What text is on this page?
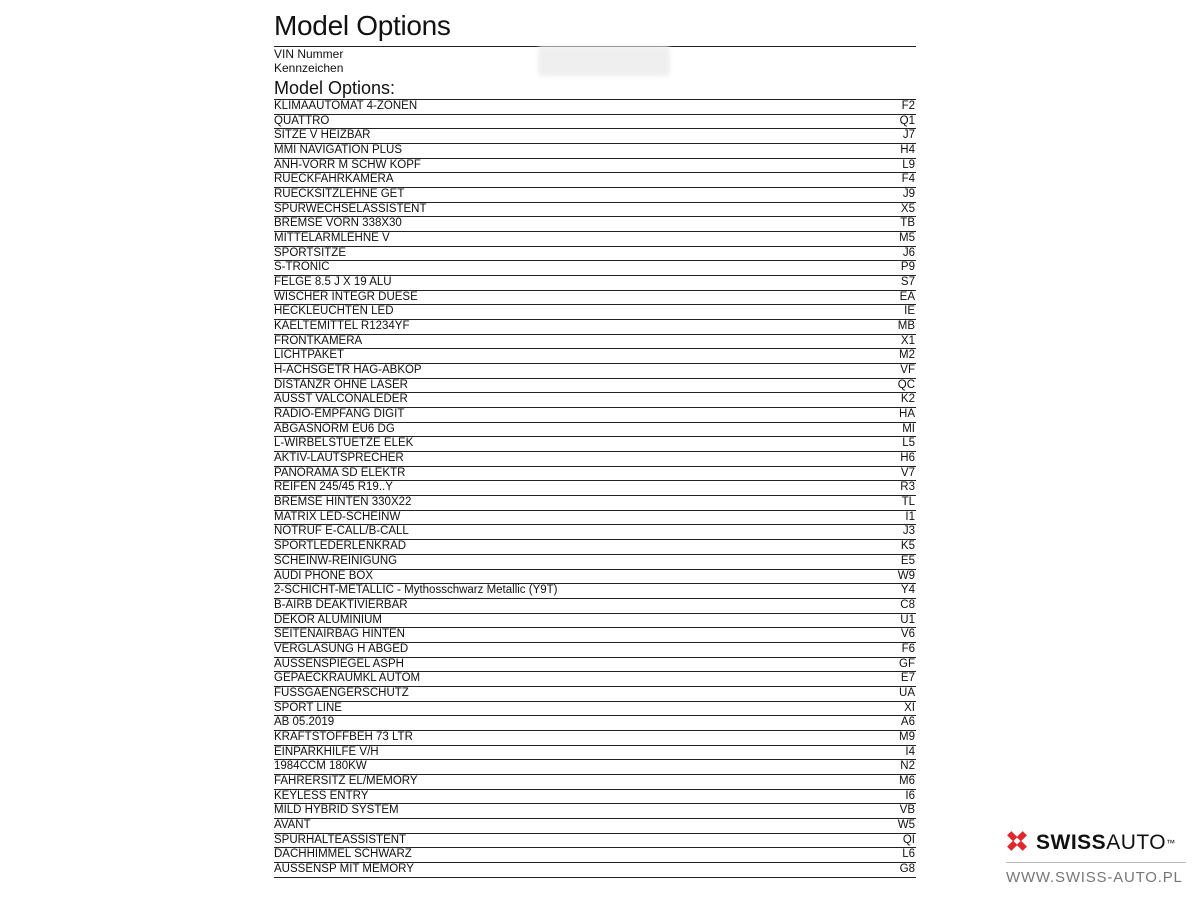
Model Options
VIN Nummer
Kennzeichen
Model Options:
KLIMAAUTOMAT 4-ZONEN	F2
QUATTRO	Q1
SITZE V HEIZBAR	J7
MMI NAVIGATION PLUS	H4
ANH-VORR M SCHW KOPF	L9
RUECKFAHRKAMERA	F4
RUECKSITZLEHNE GET	J9
SPURWECHSELASSISTENT	X5
BREMSE VORN 338X30	TB
MITTELARMLEHNE V	M5
SPORTSITZE	J6
S-TRONIC	P9
FELGE 8.5 J X 19 ALU	S7
WISCHER INTEGR DUESE	EA
HECKLEUCHTEN LED	IE
KAELTEMITTEL R1234YF	MB
FRONTKAMERA	X1
LICHTPAKET	M2
H-ACHSGETR HAG-ABKOP	VF
DISTANZR OHNE LASER	QC
AUSST VALCONALEDER	K2
RADIO-EMPFANG DIGIT	HA
ABGASNORM EU6 DG	MI
L-WIRBELSTUETZE ELEK	L5
AKTIV-LAUTSPRECHER	H6
PANORAMA SD ELEKTR	V7
REIFEN 245/45 R19..Y	R3
BREMSE HINTEN 330X22	TL
MATRIX LED-SCHEINW	I1
NOTRUF E-CALL/B-CALL	J3
SPORTLEDERLENKRAD	K5
SCHEINW-REINIGUNG	E5
AUDI PHONE BOX	W9
2-SCHICHT-METALLIC - Mythosschwarz Metallic (Y9T)	Y4
B-AIRB DEAKTIVIERBAR	C8
DEKOR ALUMINIUM	U1
SEITENAIRBAG HINTEN	V6
VERGLASUNG H ABGED	F6
AUSSENSPIEGEL ASPH	GF
GEPAECKRAUMKL AUTOM	E7
FUSSGAENGERSCHUTZ	UA
SPORT LINE	XI
AB 05.2019	A6
KRAFTSTOFFBEH 73 LTR	M9
EINPARKHILFE V/H	I4
1984CCM 180KW	N2
FAHRERSITZ EL/MEMORY	M6
KEYLESS ENTRY	I6
MILD HYBRID SYSTEM	VB
AVANT	W5
SPURHALTEASSISTENT	QI
DACHHIMMEL SCHWARZ	L6
AUSSENSP MIT MEMORY	G8
SWISSAUTO™
WWW.SWISS-AUTO.PL
